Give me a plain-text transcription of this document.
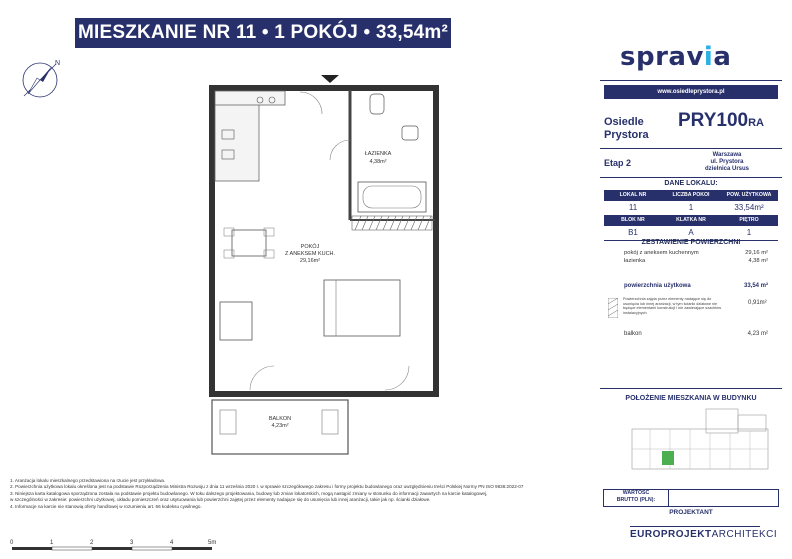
MIESZKANIE NR 11 • 1 POKÓJ • 33,54m²
N
ŁAZIENKA
4,38m²
POKÓJ
Z ANEKSEM KUCH.
29,16m²
BALKON
4,23m²
1. Aranżacja lokalu mieszkalnego przedstawiona na rzucie jest przykładowa.
2. Powierzchnia użytkowa lokalu określona jest na podstawie Rozporządzenia Ministra Rozwoju z dnia 11 września 2020 r. w sprawie szczegółowego zakresu i formy projektu budowlanego oraz uwzględnieniu treści Polskiej Normy PN ISO 9836:2022-07
3. Niniejsza karta katalogowa sporządzona została na podstawie projektu budowlanego. W toku dalszego projektowania, budowy lub zmian lokatorskich, mogą nastąpić zmiany w stosunku do informacji zawartych na karcie katalogowej,
w szczególności w zakresie: powierzchni użytkowej, układu pomieszczeń oraz usytuowania lub powierzchni zajętej przez elementy nadające się do usunięcia lub innej aranżacji, takie jak np. ścianki działowe.
4. Informacje na karcie nie stanowią oferty handlowej w rozumieniu art. 66 kodeksu cywilnego.
0	1	2	3	4	5m
spravia
www.osiedleprystora.pl
Osiedle
Prystora
PRY100RA
Etap 2
Warszawa
ul. Prystora
dzielnica Ursus
DANE LOKALU:
LOKAL NR	LICZBA POKOI	POW. UŻYTKOWA
11	1	33,54m²
BLOK NR	KLATKA NR	PIĘTRO
B1	A	1
ZESTAWIENIE POWIERZCHNI
pokój z aneksem kuchennym	29,16 m²
łazienka	4,38 m²
powierzchnia użytkowa	33,54 m²
Powierzchnia zajęta przez elementy nadające się do usunięcia lub innej aranżacji, w tym ścianki działowe nie będące elementami konstrukcji i nie zawierające szachtów instalacyjnych
0,91m²
balkon	4,23 m²
POŁOŻENIE MIESZKANIA W BUDYNKU
WARTOŚĆ
BRUTTO (PLN):
PROJEKTANT
EUROPROJEKTARCHITEKCI
